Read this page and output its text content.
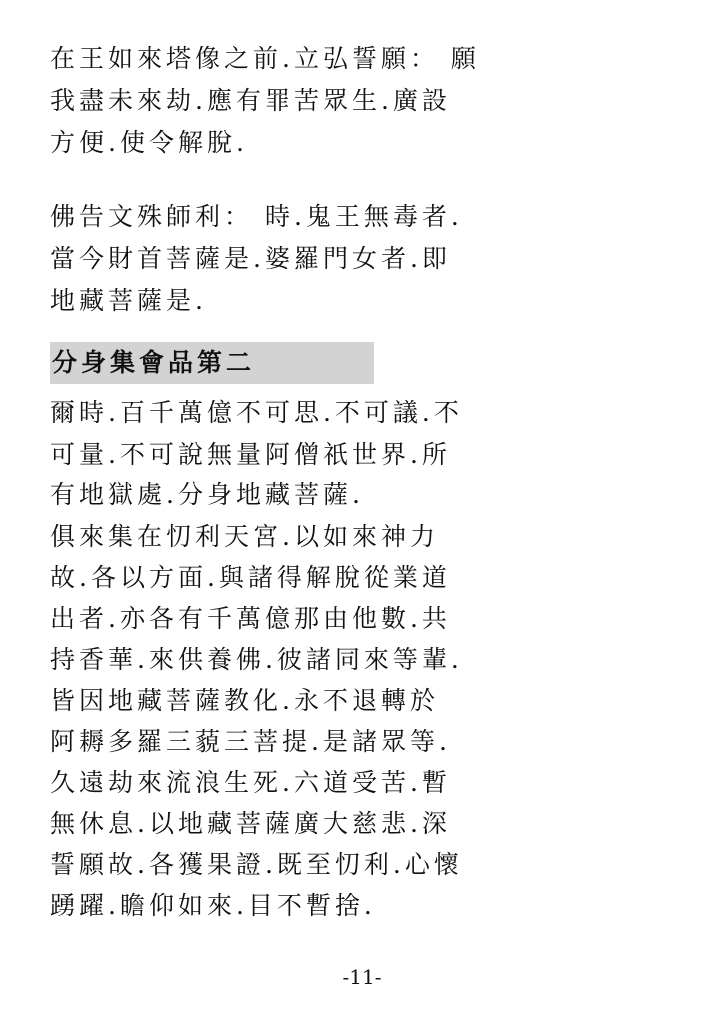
在王如來塔像之前.立弘誓願： 願
我盡未來劫.應有罪苦眾生.廣設
方便.使令解脫.
佛告文殊師利： 時.鬼王無毒者.
當今財首菩薩是.婆羅門女者.即
地藏菩薩是.
分身集會品第二
爾時.百千萬億不可思.不可議.不
可量.不可說無量阿僧祇世界.所
有地獄處.分身地藏菩薩.
俱來集在忉利天宮.以如來神力
故.各以方面.與諸得解脫從業道
出者.亦各有千萬億那由他數.共
持香華.來供養佛.彼諸同來等輩.
皆因地藏菩薩教化.永不退轉於
阿耨多羅三藐三菩提.是諸眾等.
久遠劫來流浪生死.六道受苦.暫
無休息.以地藏菩薩廣大慈悲.深
誓願故.各獲果證.既至忉利.心懷
踴躍.瞻仰如來.目不暫捨.
-11-
